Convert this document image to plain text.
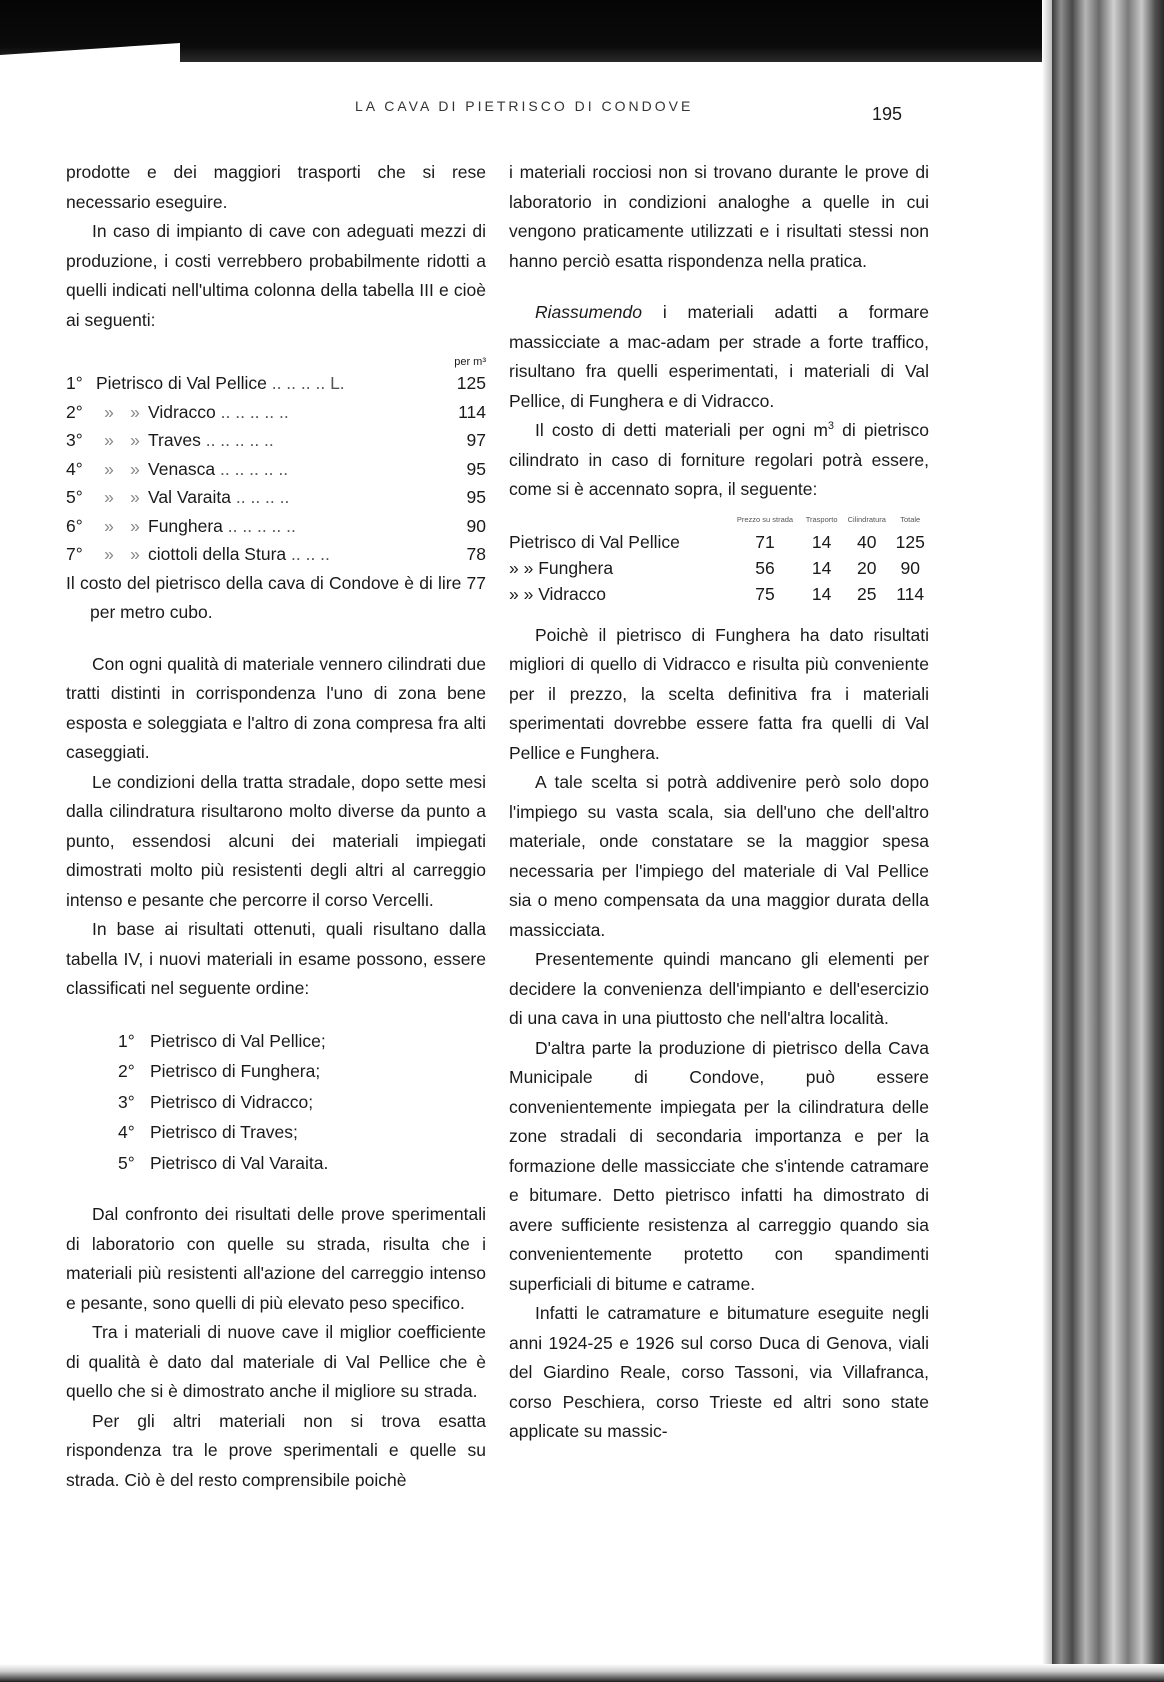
LA CAVA DI PIETRISCO DI CONDOVE	195

prodotte e dei maggiori trasporti che si rese necessario eseguire.

In caso di impianto di cave con adeguati mezzi di produzione, i costi verrebbero probabilmente ridotti a quelli indicati nell'ultima colonna della tabella III e cioè ai seguenti:

per m³
1° Pietrisco di Val Pellice .. .. .. .. L.	125
2°	» » Vidracco .. .. .. .. ..	114
3°	» » Traves .. .. .. .. ..	97
4°	» » Venasca .. .. .. .. ..	95
5°	» » Val Varaita .. .. .. ..	95
6°	» » Funghera .. .. .. .. ..	90
7°	» » ciottoli della Stura .. .. ..	78

Il costo del pietrisco della cava di Condove è di lire 77 per metro cubo.

Con ogni qualità di materiale vennero cilindrati due tratti distinti in corrispondenza l'uno di zona bene esposta e soleggiata e l'altro di zona compresa fra alti caseggiati.

Le condizioni della tratta stradale, dopo sette mesi dalla cilindratura risultarono molto diverse da punto a punto, essendosi alcuni dei materiali impiegati dimostrati molto più resistenti degli altri al carreggio intenso e pesante che percorre il corso Vercelli.

In base ai risultati ottenuti, quali risultano dalla tabella IV, i nuovi materiali in esame possono, essere classificati nel seguente ordine:

1° Pietrisco di Val Pellice;
2° Pietrisco di Funghera;
3° Pietrisco di Vidracco;
4° Pietrisco di Traves;
5° Pietrisco di Val Varaita.

Dal confronto dei risultati delle prove sperimentali di laboratorio con quelle su strada, risulta che i materiali più resistenti all'azione del carreggio intenso e pesante, sono quelli di più elevato peso specifico.

Tra i materiali di nuove cave il miglior coefficiente di qualità è dato dal materiale di Val Pellice che è quello che si è dimostrato anche il migliore su strada.

Per gli altri materiali non si trova esatta rispondenza tra le prove sperimentali e quelle su strada. Ciò è del resto comprensibile poichè

i materiali rocciosi non si trovano durante le prove di laboratorio in condizioni analoghe a quelle in cui vengono praticamente utilizzati e i risultati stessi non hanno perciò esatta rispondenza nella pratica.

Riassumendo i materiali adatti a formare massicciate a mac-adam per strade a forte traffico, risultano fra quelli esperimentati, i materiali di Val Pellice, di Funghera e di Vidracco.

Il costo di detti materiali per ogni $m^3$ di pietrisco cilindrato in caso di forniture regolari potrà essere, come si è accennato sopra, il seguente:

	Prezzo su strada	Trasporto	Cilindratura	Totale
Pietrisco di Val Pellice	71	14	40	125
» » Funghera	56	14	20	90
» » Vidracco	75	14	25	114

Poichè il pietrisco di Funghera ha dato risultati migliori di quello di Vidracco e risulta più conveniente per il prezzo, la scelta definitiva fra i materiali sperimentati dovrebbe essere fatta fra quelli di Val Pellice e Funghera.

A tale scelta si potrà addivenire però solo dopo l'impiego su vasta scala, sia dell'uno che dell'altro materiale, onde constatare se la maggior spesa necessaria per l'impiego del materiale di Val Pellice sia o meno compensata da una maggior durata della massicciata.

Presentemente quindi mancano gli elementi per decidere la convenienza dell'impianto e dell'esercizio di una cava in una piuttosto che nell'altra località.

D'altra parte la produzione di pietrisco della Cava Municipale di Condove, può essere convenientemente impiegata per la cilindratura delle zone stradali di secondaria importanza e per la formazione delle massicciate che s'intende catramare e bitumare. Detto pietrisco infatti ha dimostrato di avere sufficiente resistenza al carreggio quando sia convenientemente protetto con spandimenti superficiali di bitume e catrame.

Infatti le catramature e bitumature eseguite negli anni 1924-25 e 1926 sul corso Duca di Genova, viali del Giardino Reale, corso Tassoni, via Villafranca, corso Peschiera, corso Trieste ed altri sono state applicate su massic-
